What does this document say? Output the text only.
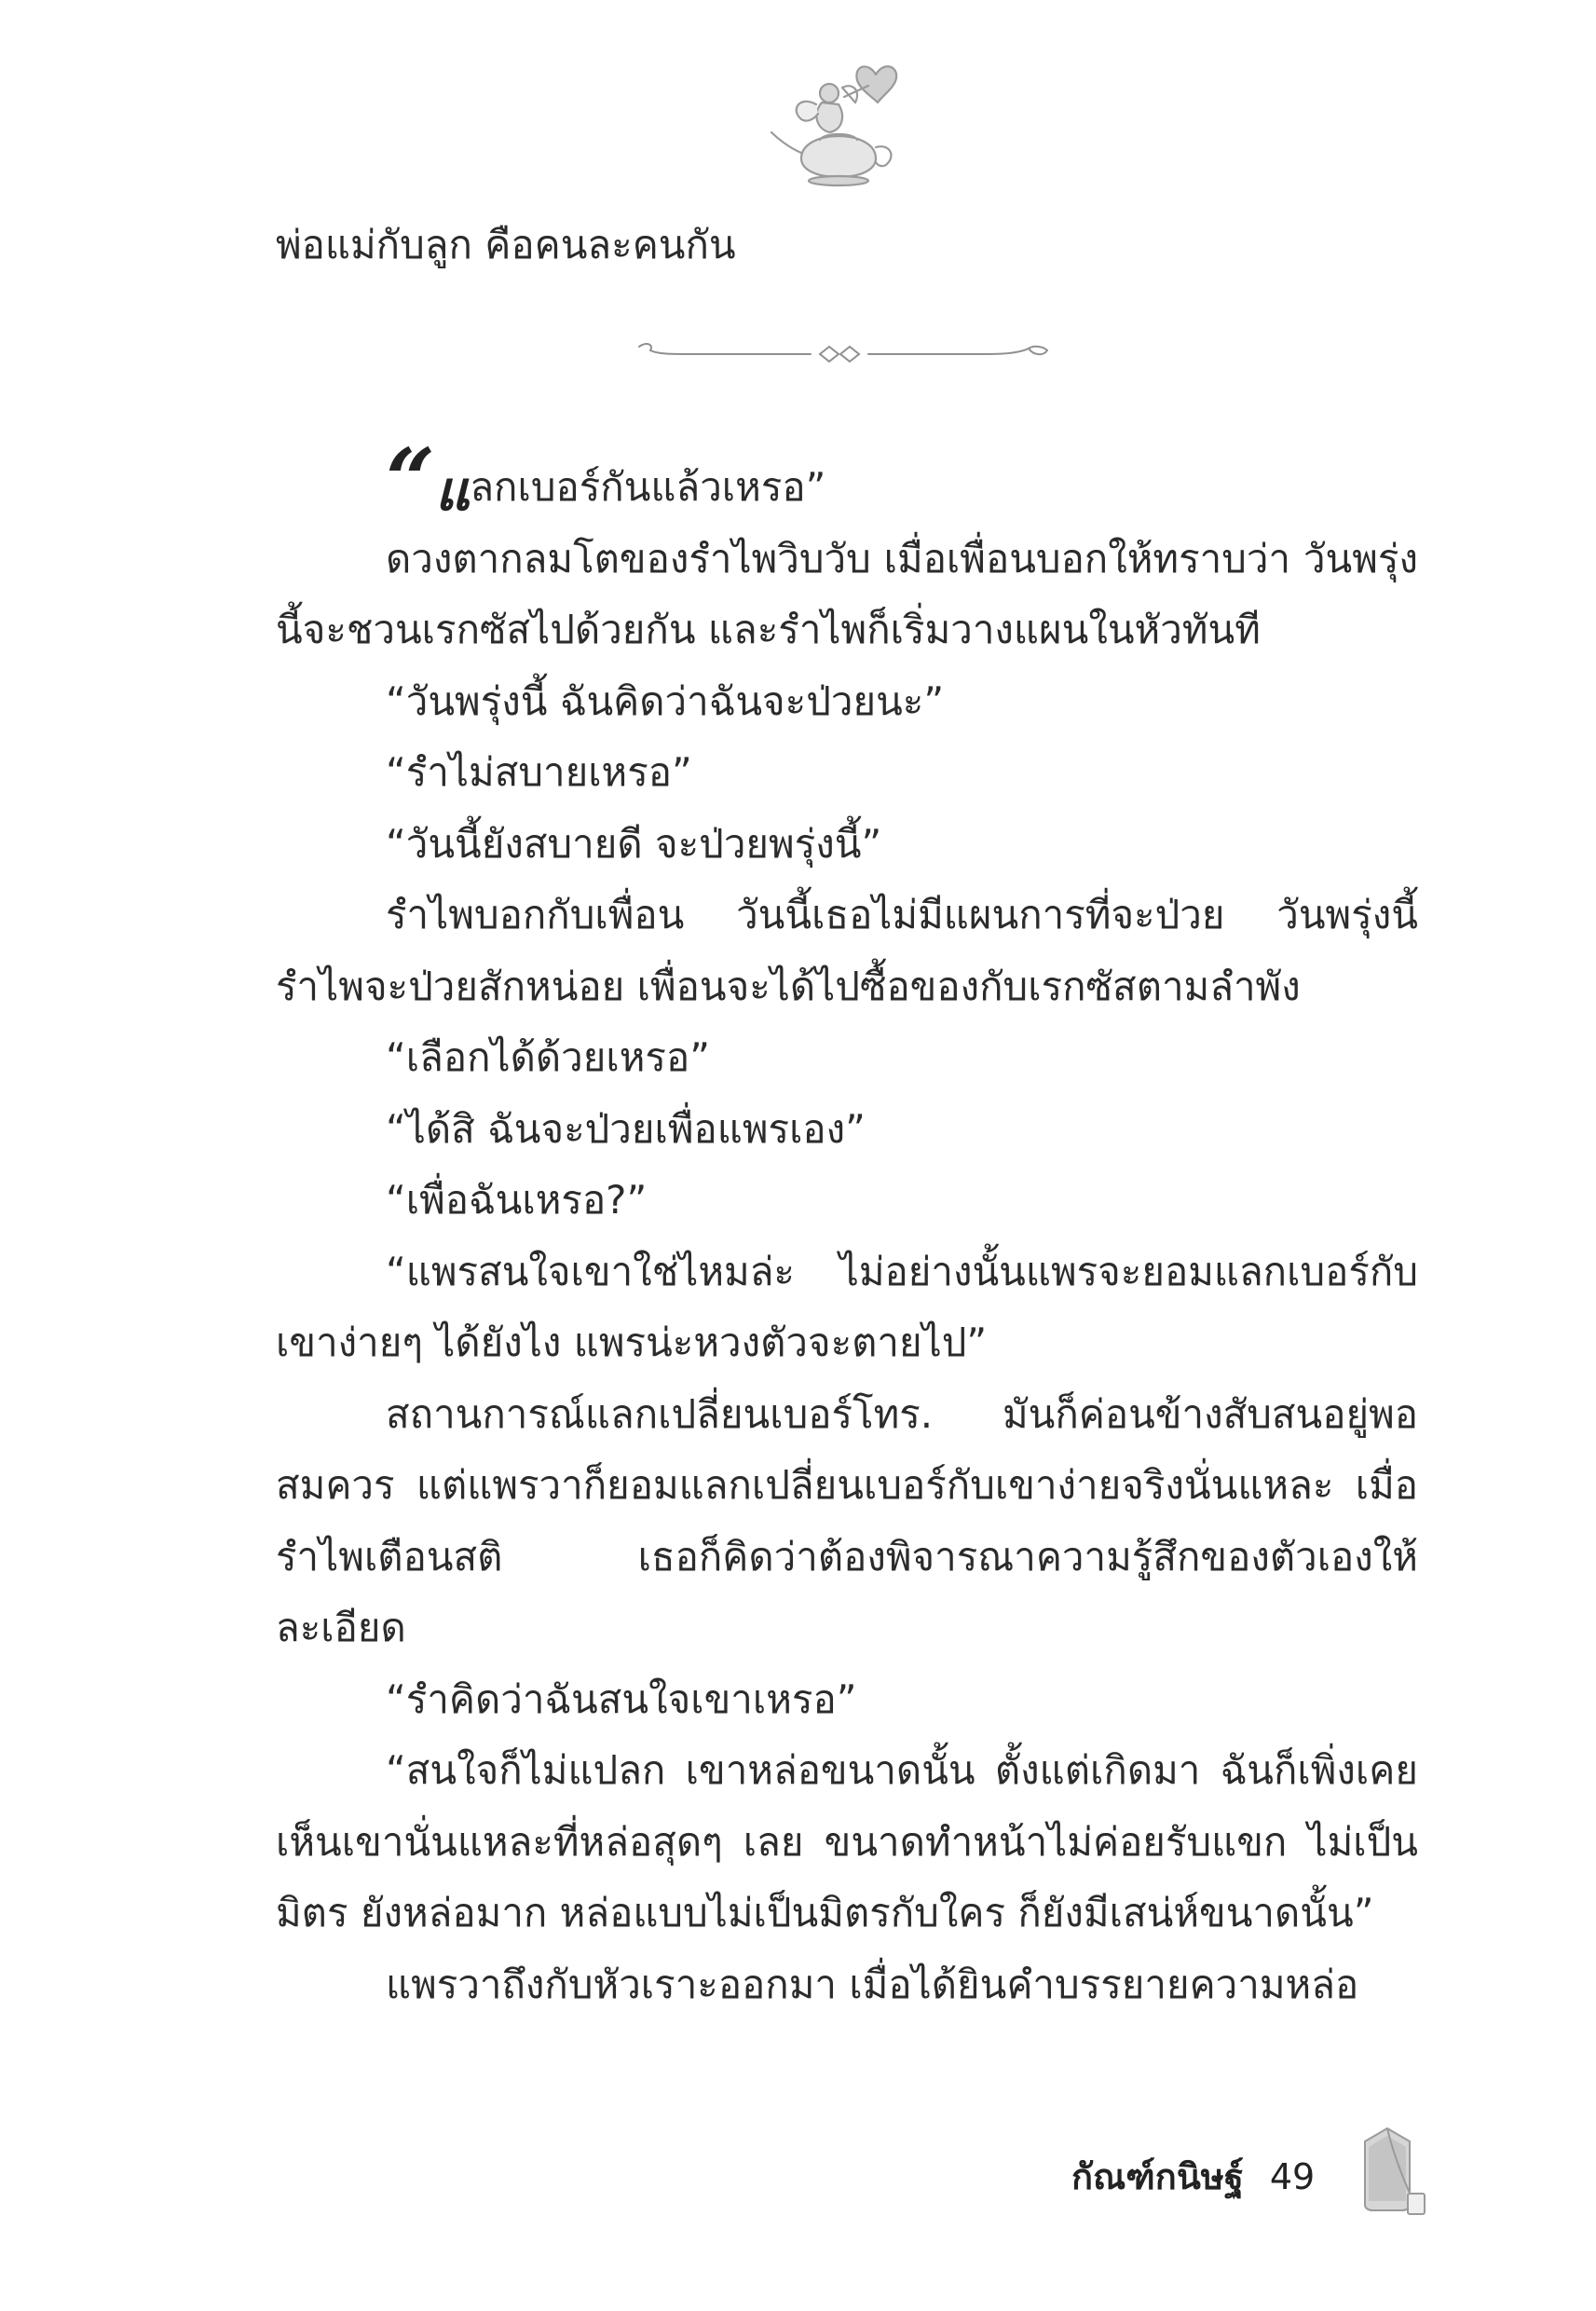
พ่อแม่กับลูก คือคนละคนกัน

“แลกเบอร์กันแล้วเหรอ”

ดวงตากลมโตของรำไพวิบวับ เมื่อเพื่อนบอกให้ทราบว่า วันพรุ่งนี้จะชวนเรกซัสไปด้วยกัน และรำไพก็เริ่มวางแผนในหัวทันที

“วันพรุ่งนี้ ฉันคิดว่าฉันจะป่วยนะ”

“รำไม่สบายเหรอ”

“วันนี้ยังสบายดี จะป่วยพรุ่งนี้”

รำไพบอกกับเพื่อน วันนี้เธอไม่มีแผนการที่จะป่วย วันพรุ่งนี้รำไพจะป่วยสักหน่อย เพื่อนจะได้ไปซื้อของกับเรกซัสตามลำพัง

“เลือกได้ด้วยเหรอ”

“ได้สิ ฉันจะป่วยเพื่อแพรเอง”

“เพื่อฉันเหรอ?”

“แพรสนใจเขาใช่ไหมล่ะ ไม่อย่างนั้นแพรจะยอมแลกเบอร์กับเขาง่ายๆ ได้ยังไง แพรน่ะหวงตัวจะตายไป”

สถานการณ์แลกเปลี่ยนเบอร์โทร. มันก็ค่อนข้างสับสนอยู่พอสมควร แต่แพรวาก็ยอมแลกเปลี่ยนเบอร์กับเขาง่ายจริงนั่นแหละ เมื่อรำไพเตือนสติ เธอก็คิดว่าต้องพิจารณาความรู้สึกของตัวเองให้ละเอียด

“รำคิดว่าฉันสนใจเขาเหรอ”

“สนใจก็ไม่แปลก เขาหล่อขนาดนั้น ตั้งแต่เกิดมา ฉันก็เพิ่งเคยเห็นเขานั่นแหละที่หล่อสุดๆ เลย ขนาดทำหน้าไม่ค่อยรับแขก ไม่เป็นมิตร ยังหล่อมาก หล่อแบบไม่เป็นมิตรกับใคร ก็ยังมีเสน่ห์ขนาดนั้น”

แพรวาถึงกับหัวเราะออกมา เมื่อได้ยินคำบรรยายความหล่อ

กัณฑ์กนิษฐ์ 49
